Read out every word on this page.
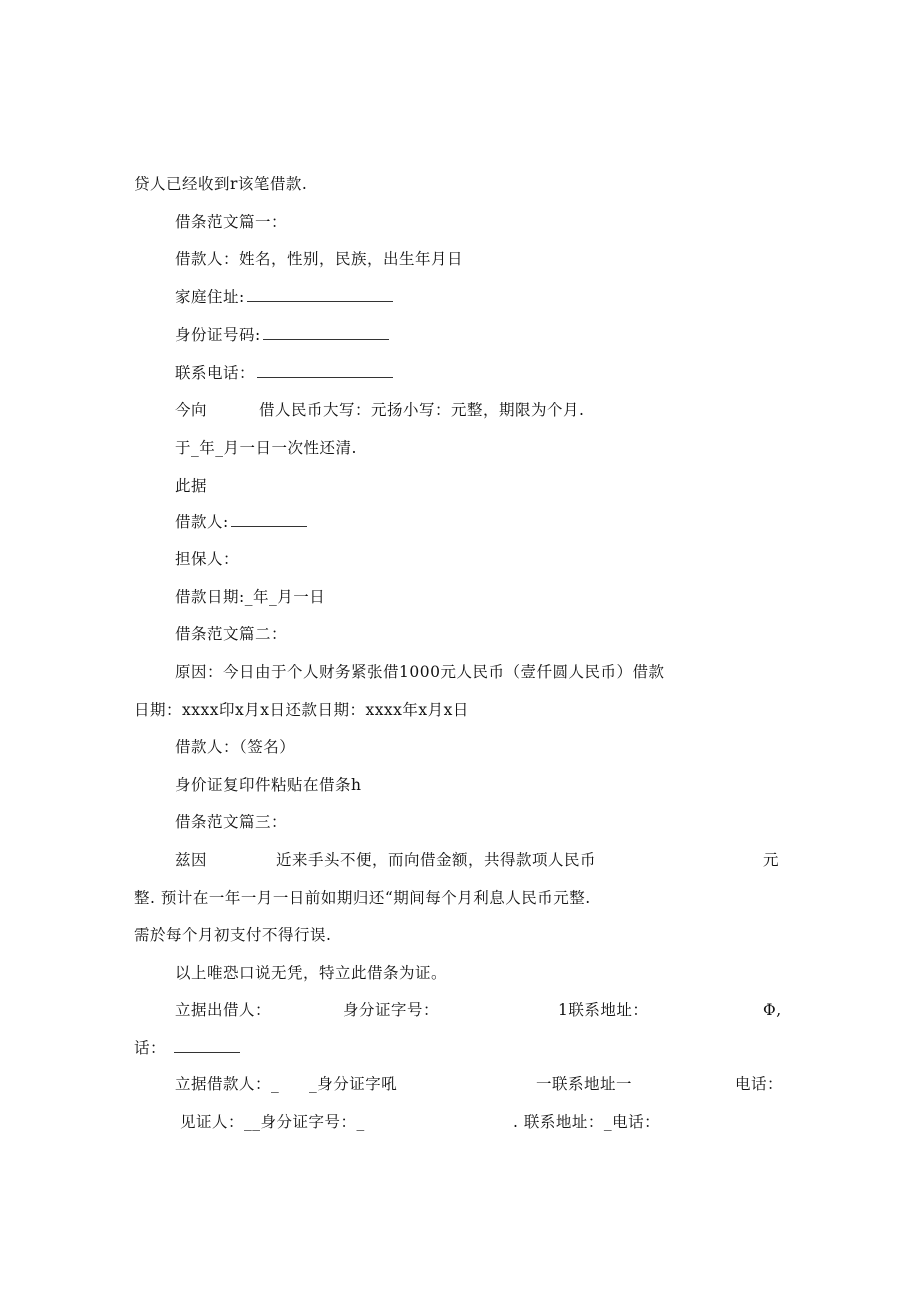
贷人已经收到r该笔借款.
借条范文篇一：
借款人：姓名，性别，民族，出生年月日
家庭住址:
身份证号码:
联系电话：
今向	借人民币大写：元扬小写：元整，期限为个月.
于_年_月一日一次性还清.
此据
借款人:
担保人：
借款日期:_年_月一日
借条范文篇二：
原因：今日由于个人财务紧张借1000元人民币（壹仟圆人民币）借款
日期：xxxx印x月x日还款日期：xxxx年x月x日
借款人：（签名）
身价证复印件粘贴在借条h
借条范文篇三：
兹因	近来手头不便，而向借金额，共得款项人民币	元
整. 预计在一年一月一日前如期归还“期间每个月利息人民币元整.
需於每个月初支付不得行误.
以上唯恐口说无凭，特立此借条为证。
立据出借人：	身分证字号：	1联系地址：	Φ,
话：
立据借款人：_ _身分证字吼	一联系地址一	电话：
见证人：__身分证字号：_	. 联系地址：_电话：
